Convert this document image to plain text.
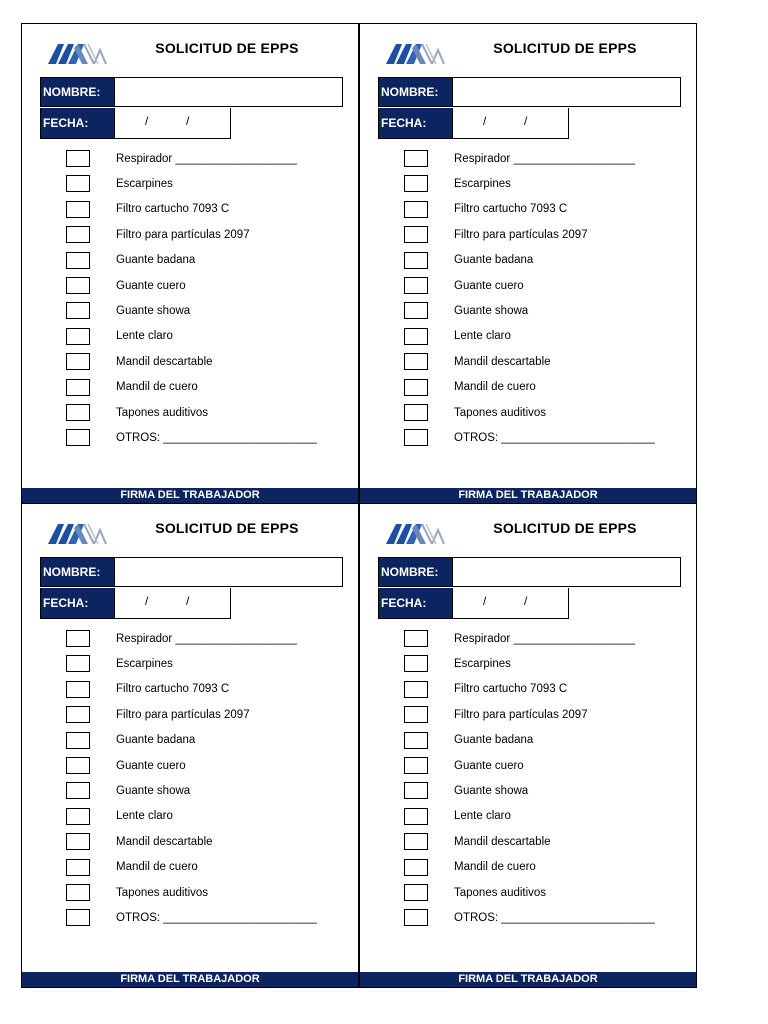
SOLICITUD DE EPPS
NOMBRE:
FECHA:	/	/
Respirador ___________________
Escarpines
Filtro cartucho 7093 C
Filtro para partículas 2097
Guante badana
Guante cuero
Guante showa
Lente claro
Mandil descartable
Mandil de cuero
Tapones auditivos
OTROS: ________________________
FIRMA DEL TRABAJADOR
SOLICITUD DE EPPS
NOMBRE:
FECHA:	/	/
Respirador ___________________
Escarpines
Filtro cartucho 7093 C
Filtro para partículas 2097
Guante badana
Guante cuero
Guante showa
Lente claro
Mandil descartable
Mandil de cuero
Tapones auditivos
OTROS: ________________________
FIRMA DEL TRABAJADOR
SOLICITUD DE EPPS
NOMBRE:
FECHA:	/	/
Respirador ___________________
Escarpines
Filtro cartucho 7093 C
Filtro para partículas 2097
Guante badana
Guante cuero
Guante showa
Lente claro
Mandil descartable
Mandil de cuero
Tapones auditivos
OTROS: ________________________
FIRMA DEL TRABAJADOR
SOLICITUD DE EPPS
NOMBRE:
FECHA:	/	/
Respirador ___________________
Escarpines
Filtro cartucho 7093 C
Filtro para partículas 2097
Guante badana
Guante cuero
Guante showa
Lente claro
Mandil descartable
Mandil de cuero
Tapones auditivos
OTROS: ________________________
FIRMA DEL TRABAJADOR
